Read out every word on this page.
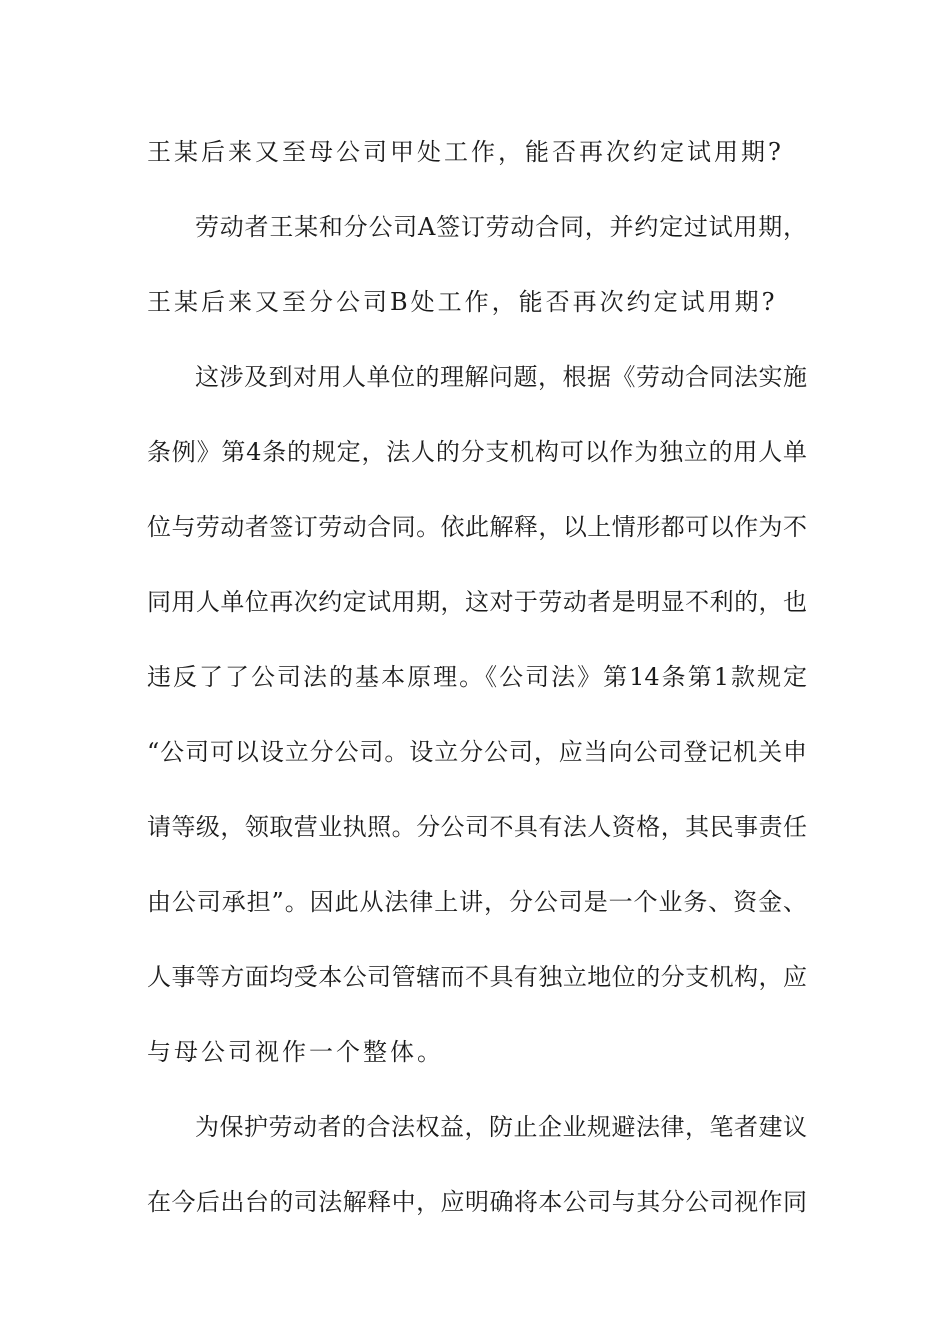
王某后来又至母公司甲处工作，能否再次约定试用期?
劳动者王某和分公司A签订劳动合同，并约定过试用期，
王某后来又至分公司B处工作，能否再次约定试用期?
这涉及到对用人单位的理解问题，根据《劳动合同法实施
条例》第4条的规定，法人的分支机构可以作为独立的用人单
位与劳动者签订劳动合同。依此解释，以上情形都可以作为不
同用人单位再次约定试用期，这对于劳动者是明显不利的，也
违反了了公司法的基本原理。《公司法》第14条第1款规定
“公司可以设立分公司。设立分公司，应当向公司登记机关申
请等级，领取营业执照。分公司不具有法人资格，其民事责任
由公司承担”。因此从法律上讲，分公司是一个业务、资金、
人事等方面均受本公司管辖而不具有独立地位的分支机构，应
与母公司视作一个整体。
为保护劳动者的合法权益，防止企业规避法律，笔者建议
在今后出台的司法解释中，应明确将本公司与其分公司视作同
